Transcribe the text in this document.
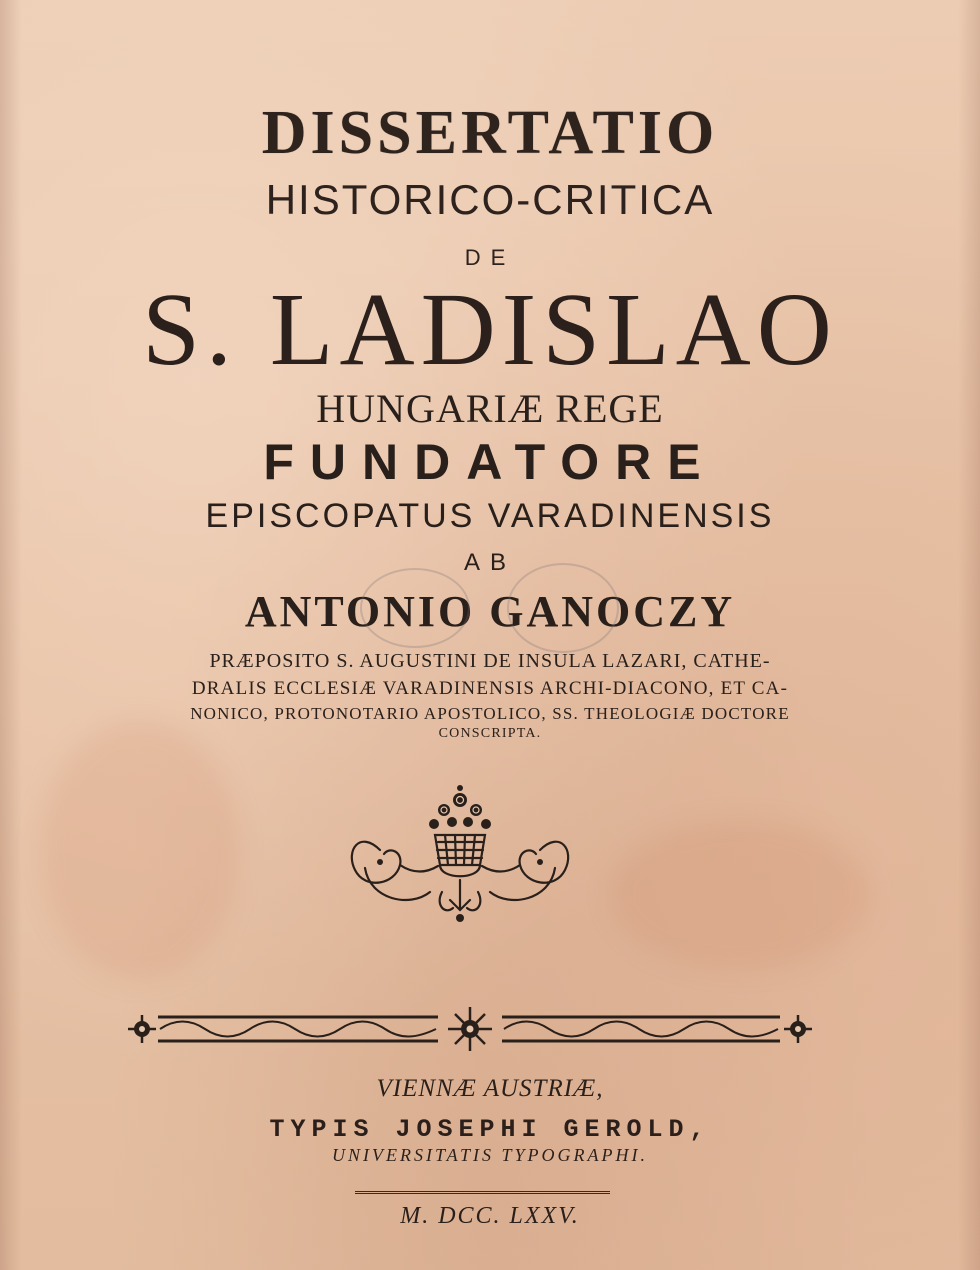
DISSERTATIO

HISTORICO-CRITICA

DE

S. LADISLAO

HUNGARIÆ REGE

FUNDATORE

EPISCOPATUS VARADINENSIS

AB

ANTONIO GANOCZY

PRÆPOSITO S. AUGUSTINI DE INSULA LAZARI, CATHE-

DRALIS ECCLESIÆ VARADINENSIS ARCHI-DIACONO, ET CA-

NONICO, PROTONOTARIO APOSTOLICO, SS. THEOLOGIÆ DOCTORE

CONSCRIPTA.

VIENNÆ AUSTRIÆ,

TYPIS JOSEPHI GEROLD,

UNIVERSITATIS TYPOGRAPHI.

M. DCC. LXXV.
